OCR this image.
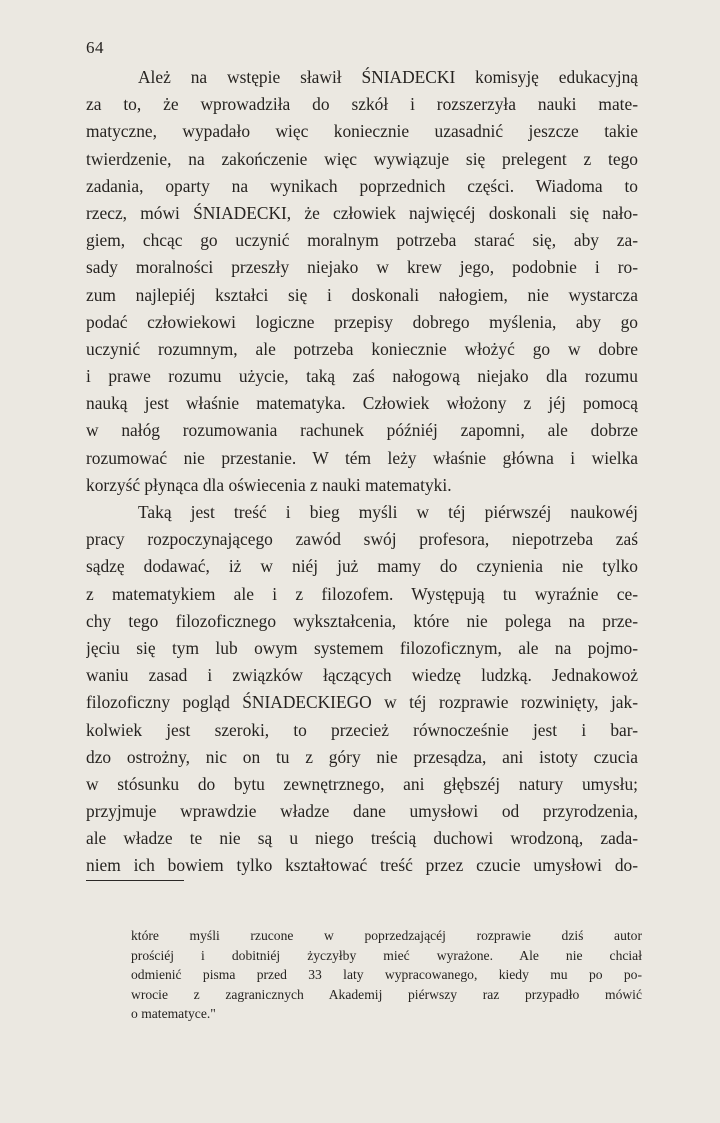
64
Ależ na wstępie sławił ŚNIADECKI komisyję edukacyjną
za to, że wprowadziła do szkół i rozszerzyła nauki mate-
matyczne, wypadało więc koniecznie uzasadnić jeszcze takie
twierdzenie, na zakończenie więc wywiązuje się prelegent z tego
zadania, oparty na wynikach poprzednich części. Wiadoma to
rzecz, mówi ŚNIADECKI, że człowiek najwięcéj doskonali się nało-
giem, chcąc go uczynić moralnym potrzeba starać się, aby za-
sady moralności przeszły niejako w krew jego, podobnie i ro-
zum najlepiéj kształci się i doskonali nałogiem, nie wystarcza
podać człowiekowi logiczne przepisy dobrego myślenia, aby go
uczynić rozumnym, ale potrzeba koniecznie włożyć go w dobre
i prawe rozumu użycie, taką zaś nałogową niejako dla rozumu
nauką jest właśnie matematyka. Człowiek włożony z jéj pomocą
w nałóg rozumowania rachunek późniéj zapomni, ale dobrze
rozumować nie przestanie. W tém leży właśnie główna i wielka
korzyść płynąca dla oświecenia z nauki matematyki.
Taką jest treść i bieg myśli w téj piérwszéj naukowéj
pracy rozpoczynającego zawód swój profesora, niepotrzeba zaś
sądzę dodawać, iż w niéj już mamy do czynienia nie tylko
z matematykiem ale i z filozofem. Występują tu wyraźnie ce-
chy tego filozoficznego wykształcenia, które nie polega na prze-
jęciu się tym lub owym systemem filozoficznym, ale na pojmo-
waniu zasad i związków łączących wiedzę ludzką. Jednakowoż
filozoficzny pogląd ŚNIADECKIEGO w téj rozprawie rozwinięty, jak-
kolwiek jest szeroki, to przecież równocześnie jest i bar-
dzo ostrożny, nic on tu z góry nie przesądza, ani istoty czucia
w stósunku do bytu zewnętrznego, ani głębszéj natury umysłu;
przyjmuje wprawdzie władze dane umysłowi od przyrodzenia,
ale władze te nie są u niego treścią duchowi wrodzoną, zada-
niem ich bowiem tylko kształtować treść przez czucie umysłowi do-
które myśli rzucone w poprzedzającéj rozprawie dziś autor
prościéj i dobitniéj życzyłby mieć wyrażone. Ale nie chciał
odmienić pisma przed 33 laty wypracowanego, kiedy mu po po-
wrocie z zagranicznych Akademij piérwszy raz przypadło mówić
o matematyce."
